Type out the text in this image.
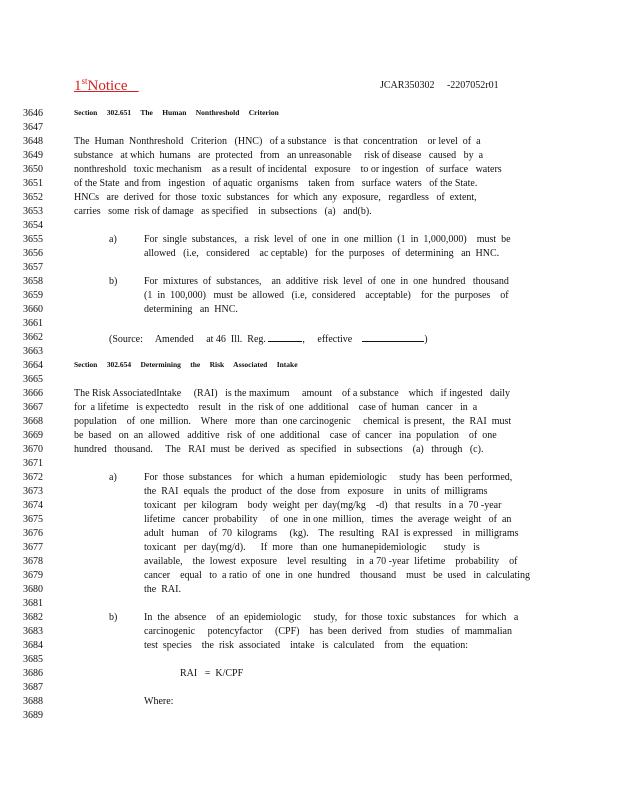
1stNotice	JCAR350302     -2207052r01
3646
3647
3648
3649
3650
3651
3652
3653
3654
3655
3656
3657
3658
3659
3660
3661
3662
3663
3664
3665
3666
3667
3668
3669
3670
3671
3672
3673
3674
3675
3676
3677
3678
3679
3680
3681
3682
3683
3684
3685
3686
3687
3688
3689
Section     302.651     The     Human     Nonthreshold     Criterion
The  Human  Nonthreshold   Criterion   (HNC)   of a substance   is that  concentration    or level  of  a
substance   at which  humans   are  protected   from   an unreasonable     risk of disease   caused   by  a
nonthreshold   toxic mechanism    as a result  of incidental   exposure    to or ingestion   of  surface   waters
of the State  and from   ingestion   of aquatic  organisms    taken  from   surface  waters   of the State.
HNCs   are  derived  for  those  toxic  substances   for  which  any  exposure,   regardless   of  extent,
carries   some  risk of damage   as specified    in  subsections   (a)   and(b).
a)	For  single  substances,   a  risk  level  of  one  in  one  million  (1  in  1,000,000)    must  be
allowed   (i.e,   considered    ac ceptable)   for  the  purposes   of  determining   an  HNC.
b)	For  mixtures  of  substances,    an  additive  risk  level  of  one  in  one  hundred   thousand
(1  in  100,000)   must  be  allowed   (i.e,  considered    acceptable)    for  the  purposes    of
determining   an  HNC.
(Source:     Amended     at 46  Ill.  Reg.	,     effective	)
Section     302.654     Determining     the     Risk     Associated     Intake
The Risk AssociatedIntake     (RAI)   is the maximum     amount    of a substance    which   if ingested   daily
for  a lifetime   is expectedto    result   in  the  risk of  one  additional    case of  human   cancer   in  a
population    of  one  million.    Where   more  than  one carcinogenic     chemical  is present,   the  RAI  must
be  based   on  an  allowed   additive   risk  of  one  additional    case  of  cancer   ina  population    of  one
hundred   thousand.     The   RAI  must  be  derived   as  specified   in  subsections    (a)   through   (c).
a)	For  those  substances    for  which   a human  epidemiologic     study  has  been  performed,
the  RAI  equals  the  product  of  the  dose  from   exposure    in  units  of  milligrams
toxicant   per  kilogram    body  weight  per  day(mg/kg    -d)   that  results   in a  70 -year
lifetime   cancer  probability     of  one  in one  million,   times   the  average  weight   of  an
adult   human    of  70  kilograms     (kg).    The  resulting   RAI  is expressed    in  milligrams
toxicant   per  day(mg/d).      If  more   than  one  humanepidemiologic       study   is
available,    the  lowest  exposure    level  resulting    in  a 70 -year  lifetime    probability    of
cancer    equal   to  a ratio  of  one  in  one  hundred    thousand    must   be  used   in  calculating
the  RAI.
b)	In  the  absence    of  an  epidemiologic     study,   for  those  toxic  substances    for  which   a
carcinogenic     potencyfactor     (CPF)    has  been  derived   from   studies   of  mammalian
test  species    the  risk  associated    intake   is  calculated    from    the  equation:
RAI   =  K/CPF
Where:
